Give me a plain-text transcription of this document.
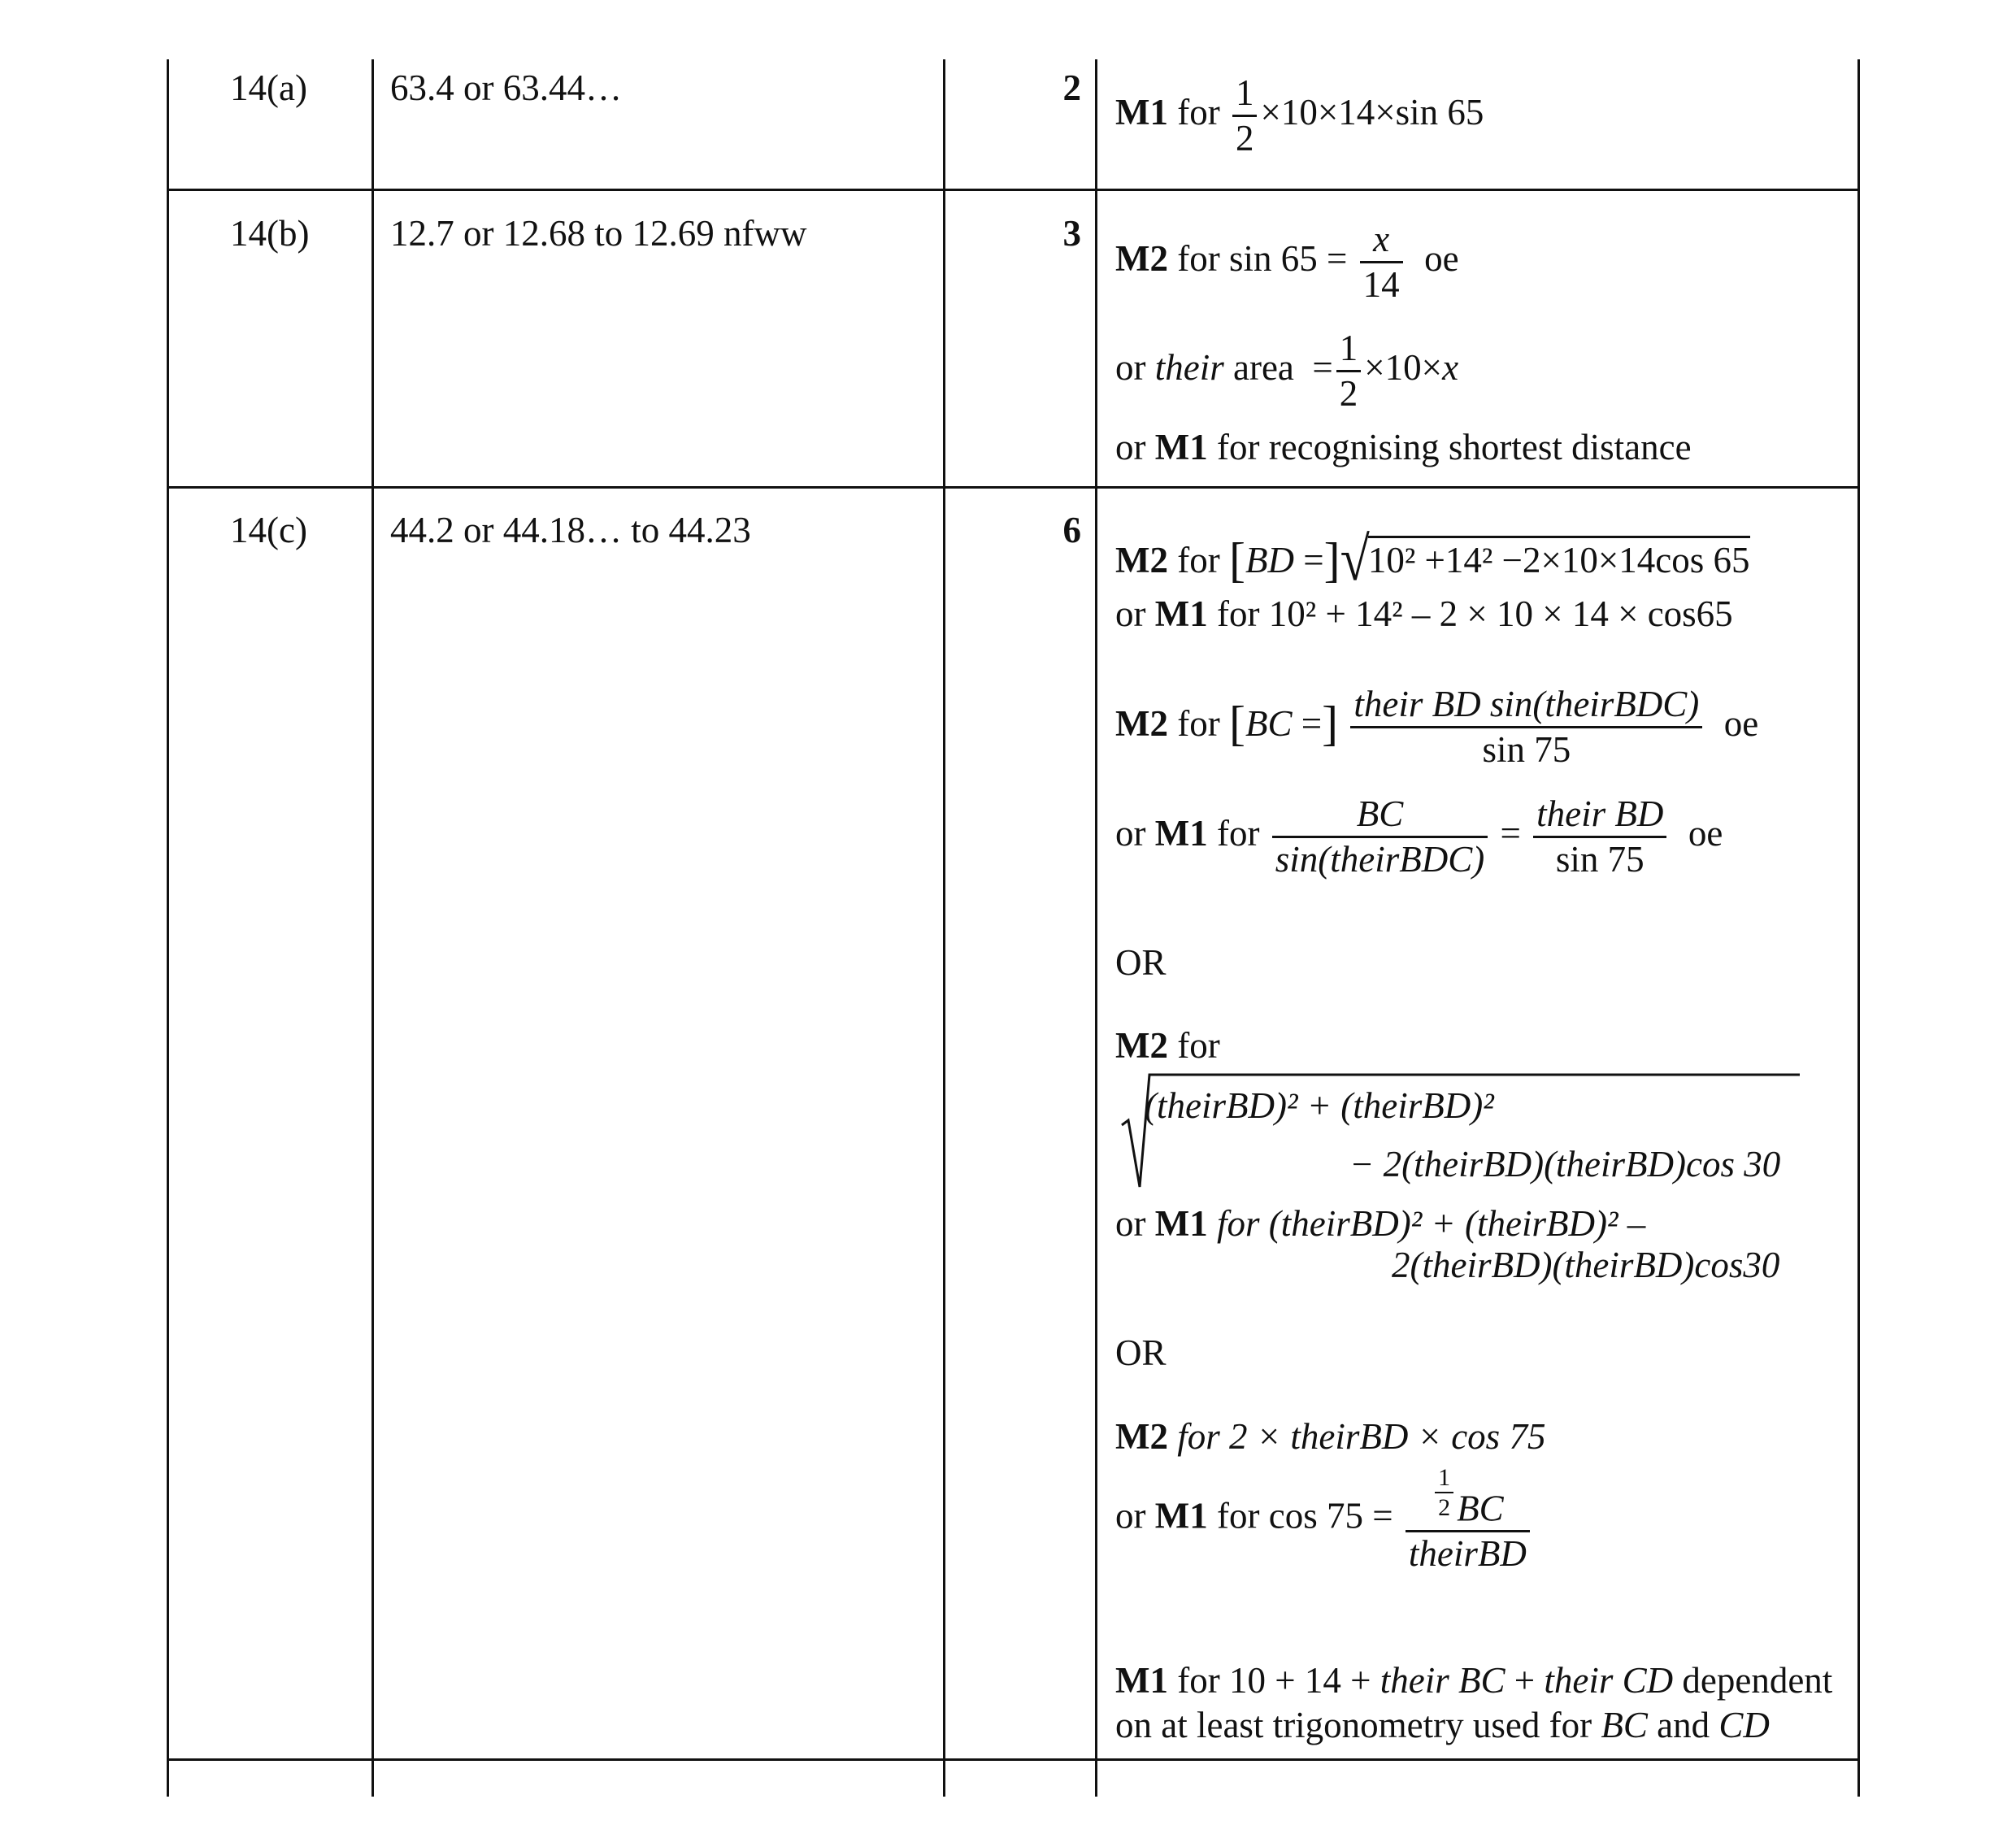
14(a) 63.4 or 63.44…	2
M1 for $\frac{1}{2} \times 10\times 14\times\sin$ 65
14(b) 12.7 or 12.68 to 12.69 nfww	3
M2 for $\sin 65 = \frac{x}{14}$ oe
or their area = $\frac{1}{2} \times 10\times x$
or M1 for recognising shortest distance
14(c) 44.2 or 44.18… to 44.23	6
M2 for [BD =]√10² +14² −2×10×14cos 65
or M1 for 10² + 14² – 2 × 10 × 14 × cos65
M2 for [BC =] $\frac{\text{their BD sin(theirBDC)}}{\sin 75}$ oe
or M1 for $\frac{BC}{\text{sin(theirBDC)}} = \frac{\text{their BD}}{\sin 75}$ oe
OR
M2 for
(theirBD)² + (theirBD)²
− 2(theirBD)(theirBD)cos 30
or M1 for (theirBD)² + (theirBD)² –
2(theirBD)(theirBD)cos30
OR
M2 for 2 × theirBD × cos 75
or M1 for $\cos 75 = \frac{\frac{1}{2} BC}{\text{theirBD}}$
M1 for 10 + 14 + their BC + their CD dependent
on at least trigonometry used for BC and CD
